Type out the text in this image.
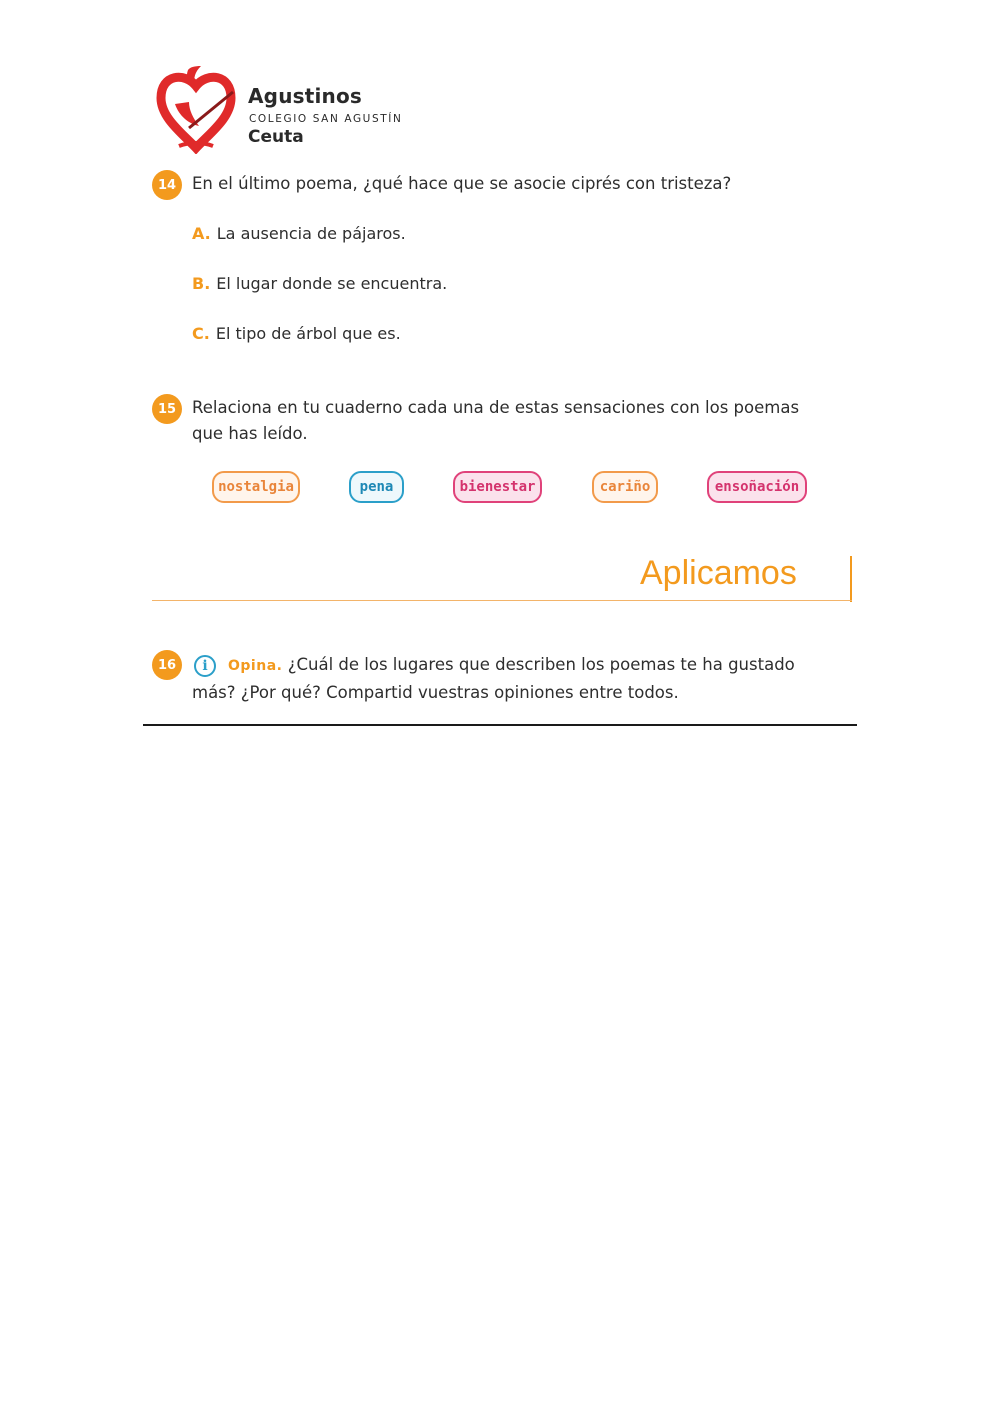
Agustinos
COLEGIO SAN AGUSTÍN
Ceuta
14 En el último poema, ¿qué hace que se asocie ciprés con tristeza?
A. La ausencia de pájaros.
B. El lugar donde se encuentra.
C. El tipo de árbol que es.
15 Relaciona en tu cuaderno cada una de estas sensaciones con los poemas
que has leído.
nostalgia	pena	bienestar	cariño	ensoñación
Aplicamos
16	i	Opina. ¿Cuál de los lugares que describen los poemas te ha gustado
más? ¿Por qué? Compartid vuestras opiniones entre todos.
